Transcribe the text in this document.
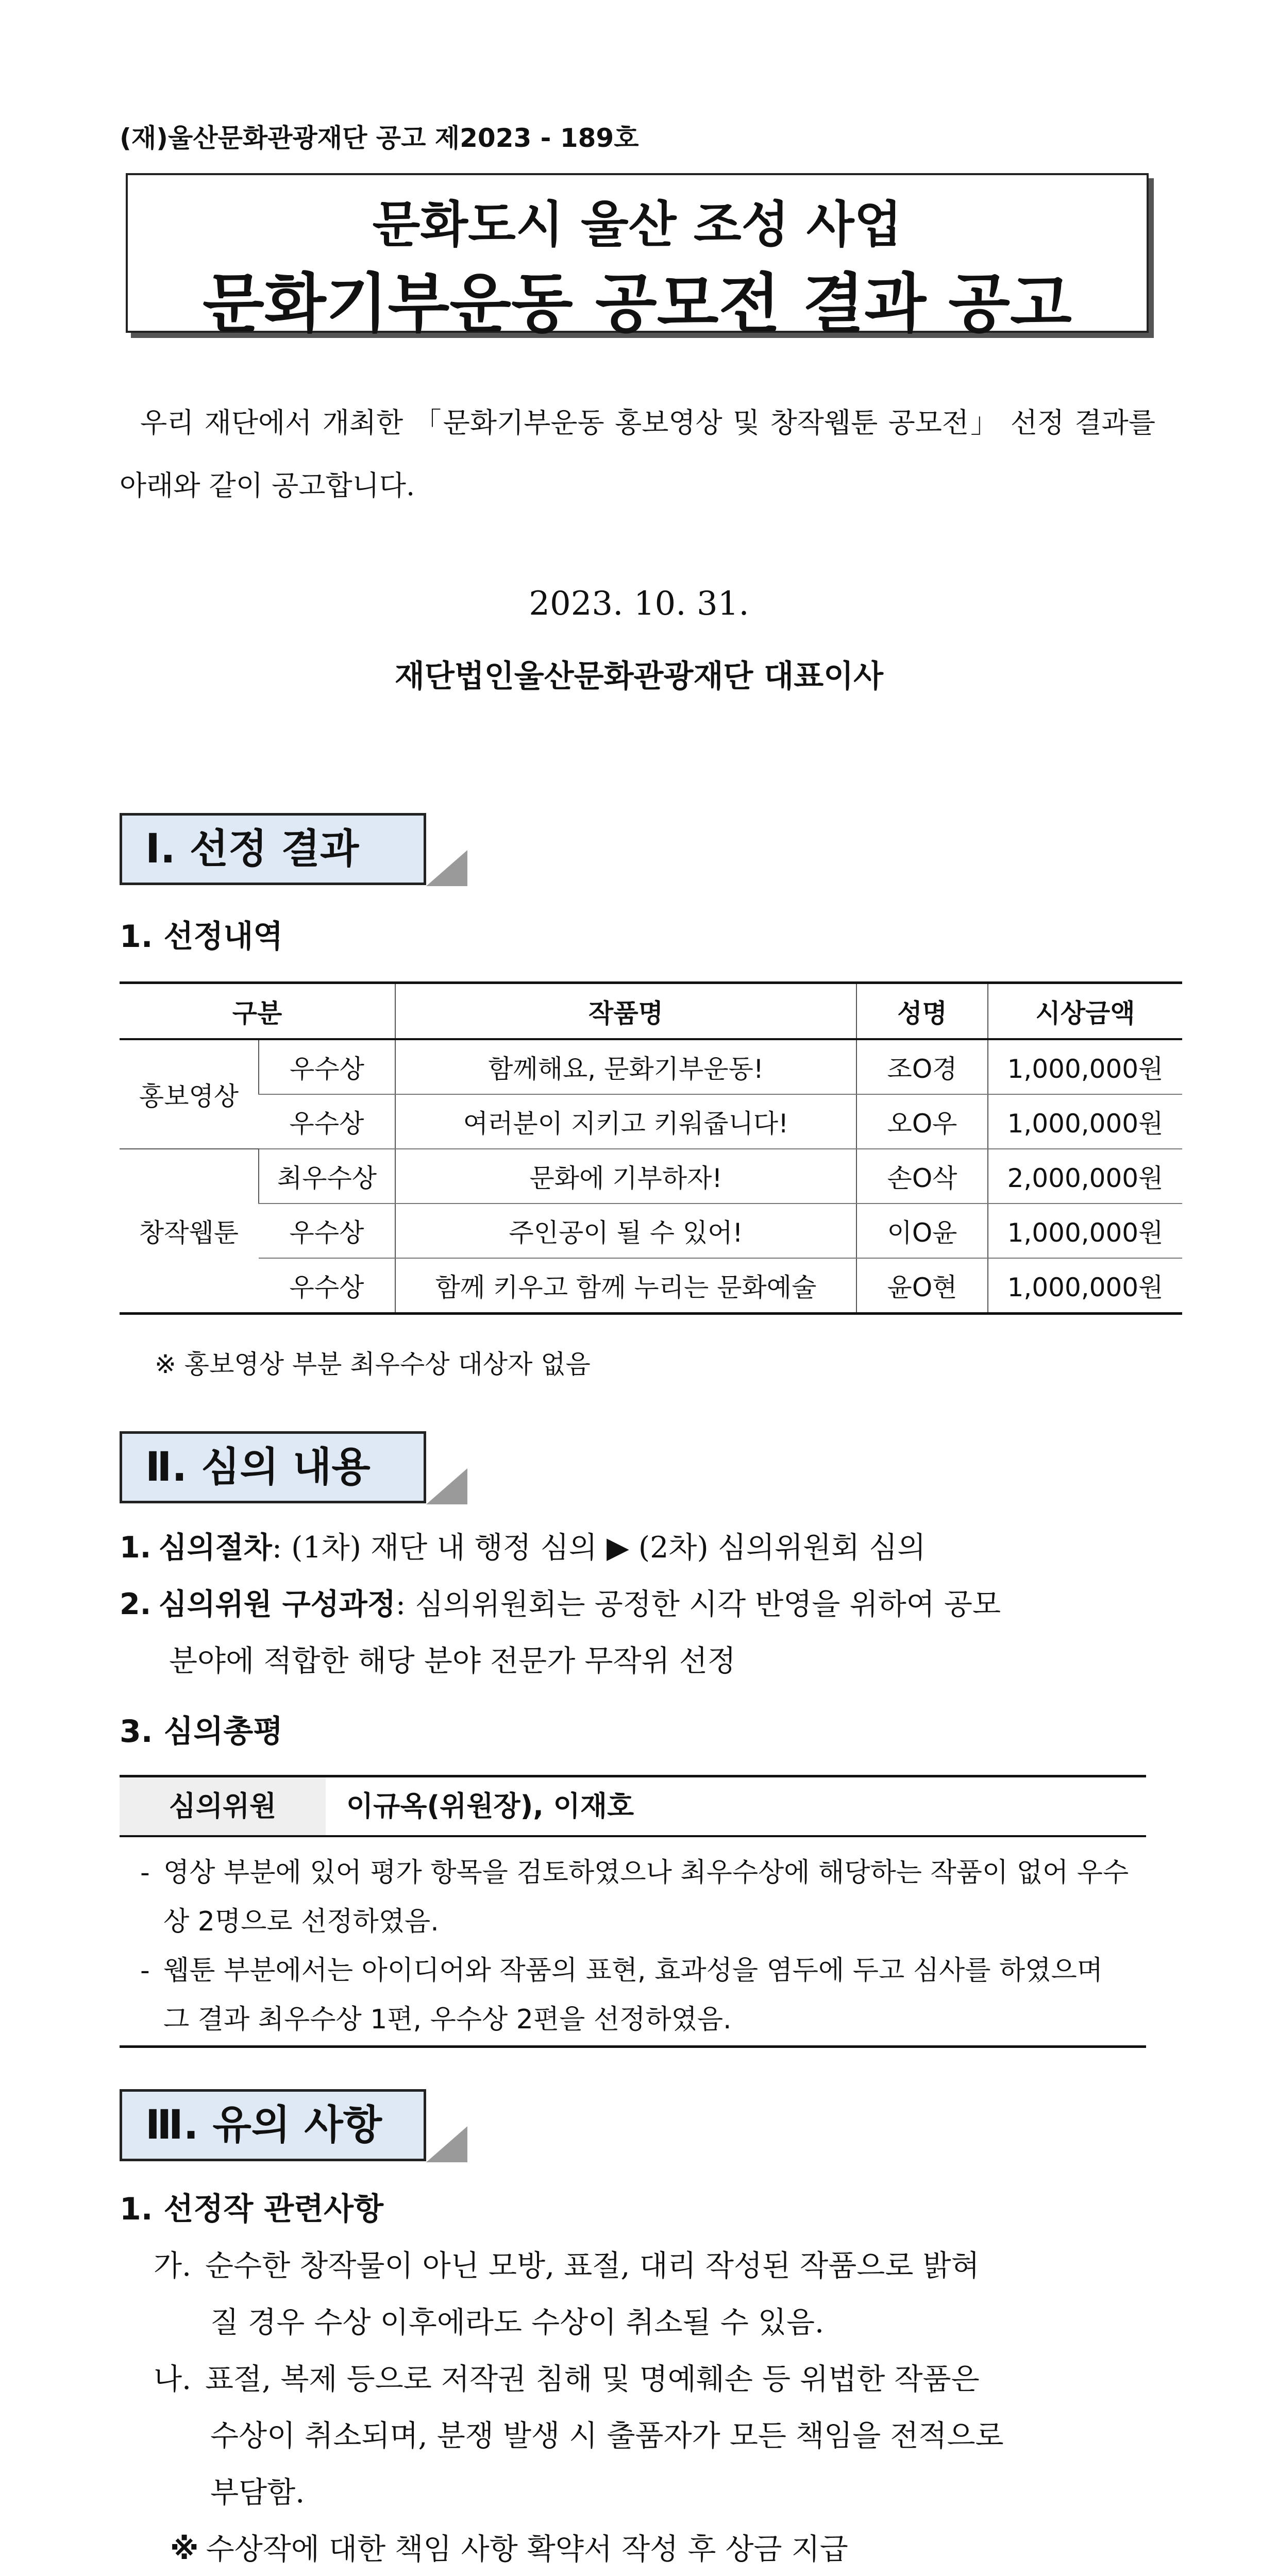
(재)울산문화관광재단 공고 제2023 - 189호
문화도시 울산 조성 사업
문화기부운동 공모전 결과 공고
우리 재단에서 개최한 「문화기부운동 홍보영상 및 창작웹툰 공모전」 선정 결과를 아래와 같이 공고합니다.
2023. 10. 31.
재단법인울산문화관광재단 대표이사
Ⅰ. 선정 결과
1. 선정내역
구분		작품명	성명	시상금액
홍보영상	우수상	함께해요, 문화기부운동!	조O경	1,000,000원
	우수상	여러분이 지키고 키워줍니다!	오O우	1,000,000원
창작웹툰	최우수상	문화에 기부하자!	손O삭	2,000,000원
	우수상	주인공이 될 수 있어!	이O윤	1,000,000원
	우수상	함께 키우고 함께 누리는 문화예술	윤O현	1,000,000원
※ 홍보영상 부분 최우수상 대상자 없음
Ⅱ. 심의 내용
1. 심의절차: (1차) 재단 내 행정 심의 ▶ (2차) 심의위원회 심의
2. 심의위원 구성과정: 심의위원회는 공정한 시각 반영을 위하여 공모
분야에 적합한 해당 분야 전문가 무작위 선정
3. 심의총평
심의위원	이규옥(위원장), 이재호
- 영상 부분에 있어 평가 항목을 검토하였으나 최우수상에 해당하는 작품이 없어 우수상 2명으로 선정하였음.
- 웹툰 부분에서는 아이디어와 작품의 표현, 효과성을 염두에 두고 심사를 하였으며 그 결과 최우수상 1편, 우수상 2편을 선정하였음.
Ⅲ. 유의 사항
1. 선정작 관련사항
가. 순수한 창작물이 아닌 모방, 표절, 대리 작성된 작품으로 밝혀
질 경우 수상 이후에라도 수상이 취소될 수 있음.
나. 표절, 복제 등으로 저작권 침해 및 명예훼손 등 위법한 작품은
수상이 취소되며, 분쟁 발생 시 출품자가 모든 책임을 전적으로
부담함.
※ 수상작에 대한 책임 사항 확약서 작성 후 상금 지급
